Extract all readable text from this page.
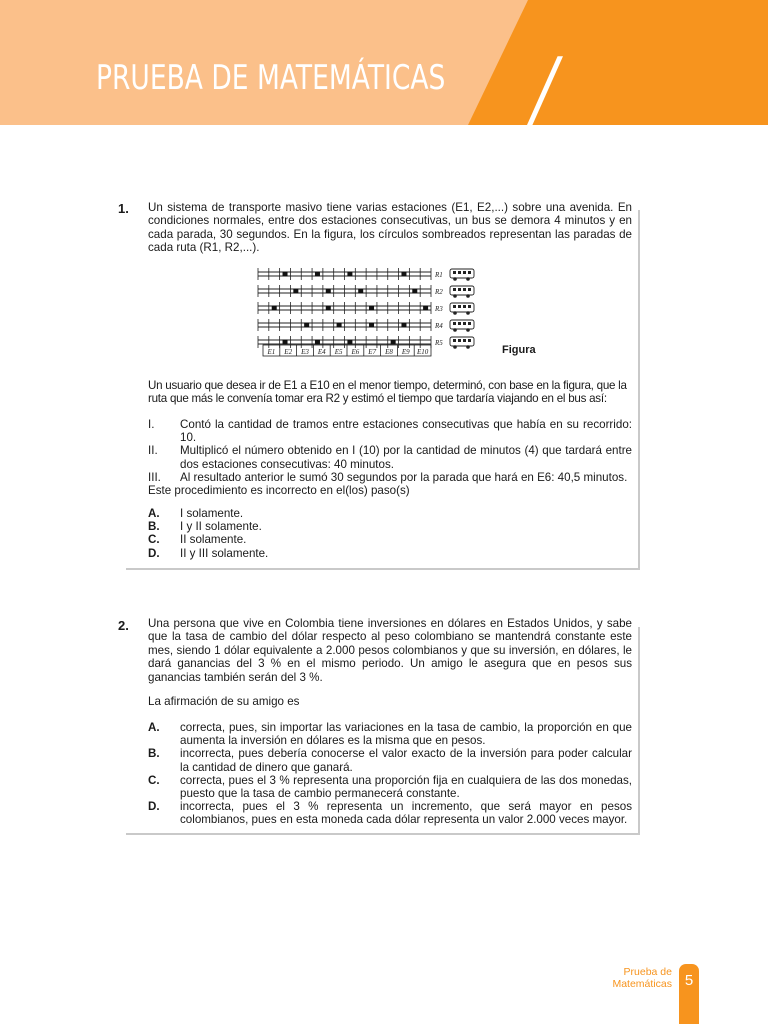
PRUEBA DE MATEMÁTICAS
1. Un sistema de transporte masivo tiene varias estaciones (E1, E2,...) sobre una avenida. En condiciones normales, entre dos estaciones consecutivas, un bus se demora 4 minutos y en cada parada, 30 segundos. En la figura, los círculos sombreados representan las paradas de cada ruta (R1, R2,...).
R1
R2
R3
R4
R5
E1 E2 E3 E4 E5 E6 E7 E8 E9 E10	Figura
Un usuario que desea ir de E1 a E10 en el menor tiempo, determinó, con base en la figura, que la ruta que más le convenía tomar era R2 y estimó el tiempo que tardaría viajando en el bus así:
I.	Contó la cantidad de tramos entre estaciones consecutivas que había en su recorrido: 10.
II.	Multiplicó el número obtenido en I (10) por la cantidad de minutos (4) que tardará entre dos estaciones consecutivas: 40 minutos.
III.	Al resultado anterior le sumó 30 segundos por la parada que hará en E6: 40,5 minutos.
Este procedimiento es incorrecto en el(los) paso(s)
A.	I solamente.
B.	I y II solamente.
C.	II solamente.
D.	II y III solamente.
2. Una persona que vive en Colombia tiene inversiones en dólares en Estados Unidos, y sabe que la tasa de cambio del dólar respecto al peso colombiano se mantendrá constante este mes, siendo 1 dólar equivalente a 2.000 pesos colombianos y que su inversión, en dólares, le dará ganancias del 3 % en el mismo periodo. Un amigo le asegura que en pesos sus ganancias también serán del 3 %.
La afirmación de su amigo es
A.	correcta, pues, sin importar las variaciones en la tasa de cambio, la proporción en que aumenta la inversión en dólares es la misma que en pesos.
B.	incorrecta, pues debería conocerse el valor exacto de la inversión para poder calcular la cantidad de dinero que ganará.
C.	correcta, pues el 3 % representa una proporción fija en cualquiera de las dos monedas, puesto que la tasa de cambio permanecerá constante.
D.	incorrecta, pues el 3 % representa un incremento, que será mayor en pesos colombianos, pues en esta moneda cada dólar representa un valor 2.000 veces mayor.
Prueba de
Matemáticas 5
